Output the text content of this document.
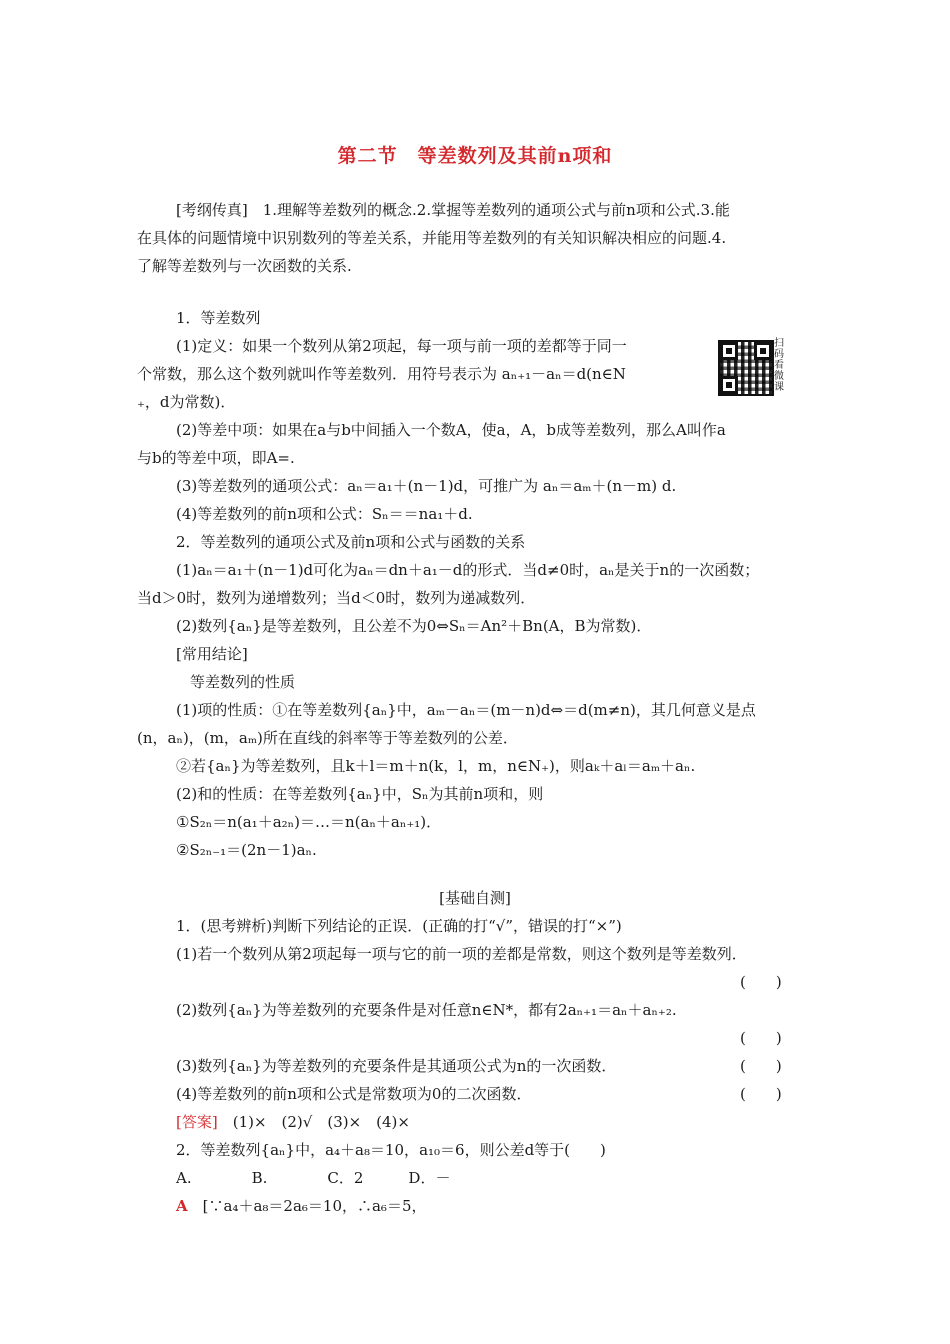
第二节　等差数列及其前n项和
[考纲传真]　1.理解等差数列的概念.2.掌握等差数列的通项公式与前n项和公式.3.能
在具体的问题情境中识别数列的等差关系，并能用等差数列的有关知识解决相应的问题.4.
了解等差数列与一次函数的关系.
1．等差数列
(1)定义：如果一个数列从第2项起，每一项与前一项的差都等于同一
个常数，那么这个数列就叫作等差数列．用符号表示为 aₙ₊₁－aₙ＝d(n∈N
₊，d为常数)．
扫码看微课
(2)等差中项：如果在a与b中间插入一个数A，使a，A，b成等差数列，那么A叫作a
与b的等差中项，即A=.
(3)等差数列的通项公式：aₙ＝a₁＋(n－1)d，可推广为 aₙ＝aₘ＋(n－m) d.
(4)等差数列的前n项和公式：Sₙ＝＝na₁＋d.
2．等差数列的通项公式及前n项和公式与函数的关系
(1)aₙ＝a₁＋(n－1)d可化为aₙ＝dn＋a₁－d的形式．当d≠0时，aₙ是关于n的一次函数；
当d＞0时，数列为递增数列；当d＜0时，数列为递减数列．
(2)数列{aₙ}是等差数列，且公差不为0⇔Sₙ＝An²＋Bn(A，B为常数)．
[常用结论]
等差数列的性质
(1)项的性质：①在等差数列{aₙ}中，aₘ－aₙ＝(m－n)d⇔＝d(m≠n)，其几何意义是点
(n，aₙ)，(m，aₘ)所在直线的斜率等于等差数列的公差．
②若{aₙ}为等差数列，且k＋l＝m＋n(k，l，m，n∈N₊)，则aₖ＋aₗ＝aₘ＋aₙ.
(2)和的性质：在等差数列{aₙ}中，Sₙ为其前n项和，则
①S₂ₙ＝n(a₁＋a₂ₙ)＝…＝n(aₙ＋aₙ₊₁)．
②S₂ₙ₋₁＝(2n－1)aₙ.
[基础自测]
1．(思考辨析)判断下列结论的正误．(正确的打“√”，错误的打“×”)
(1)若一个数列从第2项起每一项与它的前一项的差都是常数，则这个数列是等差数列．
(　　)
(2)数列{aₙ}为等差数列的充要条件是对任意n∈N*，都有2aₙ₊₁＝aₙ＋aₙ₊₂.
(　　)
(3)数列{aₙ}为等差数列的充要条件是其通项公式为n的一次函数．	(　　)
(4)等差数列的前n项和公式是常数项为0的二次函数．	(　　)
[答案]　(1)×　(2)√　(3)×　(4)×
2．等差数列{aₙ}中，a₄＋a₈＝10，a₁₀＝6，则公差d等于(　　)
A.　　　　B.　　　　C．2　　　D．－
A　[∵a₄＋a₈＝2a₆＝10，∴a₆＝5，
